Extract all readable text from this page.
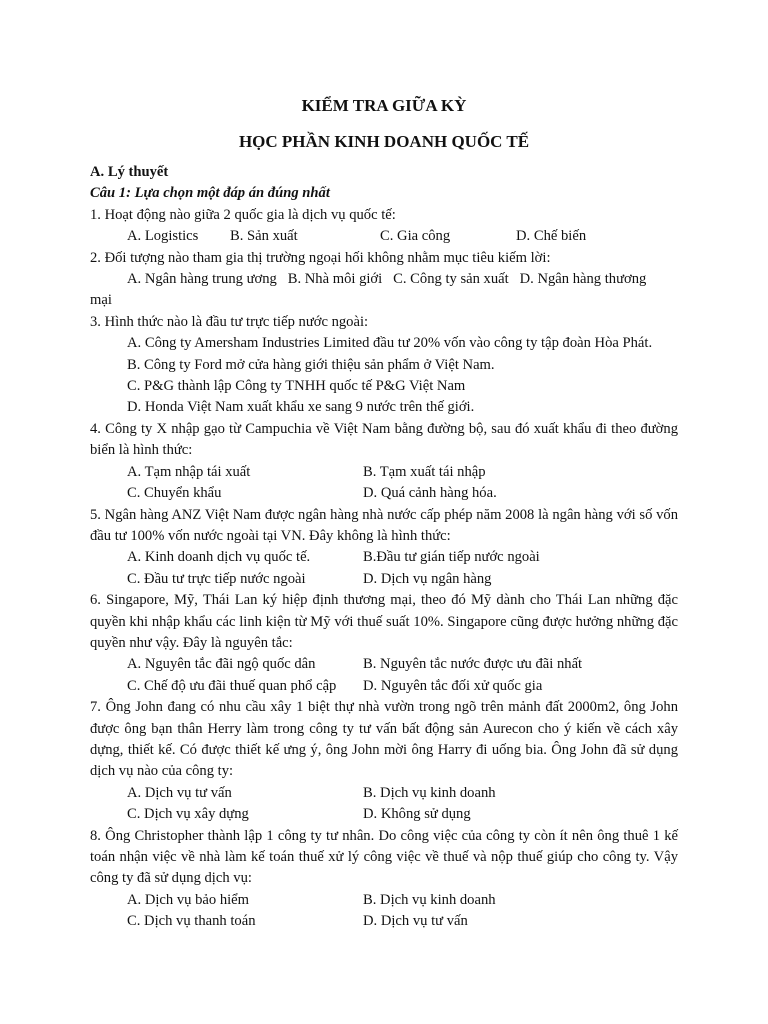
KIỂM TRA GIỮA KỲ
HỌC PHẦN KINH DOANH QUỐC TẾ
A. Lý thuyết
Câu 1: Lựa chọn một đáp án đúng nhất
1. Hoạt động nào giữa 2 quốc gia là dịch vụ quốc tế:
A. Logistics	B. Sản xuất	C. Gia công	D. Chế biến
2. Đối tượng nào tham gia thị trường ngoại hối không nhằm mục tiêu kiếm lời:
A. Ngân hàng trung ương   B. Nhà môi giới   C. Công ty sản xuất   D. Ngân hàng thương
mại
3. Hình thức nào là đầu tư trực tiếp nước ngoài:
A. Công ty Amersham Industries Limited đầu tư 20% vốn vào công ty tập đoàn Hòa Phát.
B. Công ty Ford mở cửa hàng giới thiệu sản phẩm ở Việt Nam.
C. P&G thành lập Công ty TNHH quốc tế P&G Việt Nam
D. Honda Việt Nam xuất khẩu xe sang 9 nước trên thế giới.
4. Công ty X nhập gạo từ Campuchia về Việt Nam bằng đường bộ, sau đó xuất khẩu đi theo đường biển là hình thức:
A. Tạm nhập tái xuất	B. Tạm xuất tái nhập
C. Chuyển khẩu	D. Quá cảnh hàng hóa.
5. Ngân hàng ANZ Việt Nam được ngân hàng nhà nước cấp phép năm 2008 là ngân hàng với số vốn đầu tư 100% vốn nước ngoài tại VN. Đây không là hình thức:
A. Kinh doanh dịch vụ quốc tế.	B.Đầu tư gián tiếp nước ngoài
C. Đầu tư trực tiếp nước ngoài	D. Dịch vụ ngân hàng
6. Singapore, Mỹ, Thái Lan ký hiệp định thương mại, theo đó Mỹ dành cho Thái Lan những đặc quyền khi nhập khẩu các linh kiện từ Mỹ với thuế suất 10%. Singapore cũng được hưởng những đặc quyền như vậy. Đây là nguyên tắc:
A. Nguyên tắc đãi ngộ quốc dân	B. Nguyên tắc nước được ưu đãi nhất
C. Chế độ ưu đãi thuế quan phổ cập	D. Nguyên tắc đối xử quốc gia
7. Ông John đang có nhu cầu xây 1 biệt thự nhà vườn trong ngõ trên mảnh đất 2000m2, ông John được ông bạn thân Herry làm trong công ty tư vấn bất động sản Aurecon cho ý kiến về cách xây dựng, thiết kế. Có được thiết kế ưng ý, ông John mời ông Harry đi uống bia. Ông John đã sử dụng dịch vụ nào của công ty:
A. Dịch vụ tư vấn	B. Dịch vụ kinh doanh
C. Dịch vụ xây dựng	D. Không sử dụng
8. Ông Christopher thành lập 1 công ty tư nhân. Do công việc của công ty còn ít nên ông thuê 1 kế toán nhận việc về nhà làm kế toán thuế xử lý công việc về thuế và nộp thuế giúp cho công ty. Vậy công ty đã sử dụng dịch vụ:
A. Dịch vụ bảo hiểm	B. Dịch vụ kinh doanh
C. Dịch vụ thanh toán	D. Dịch vụ tư vấn
